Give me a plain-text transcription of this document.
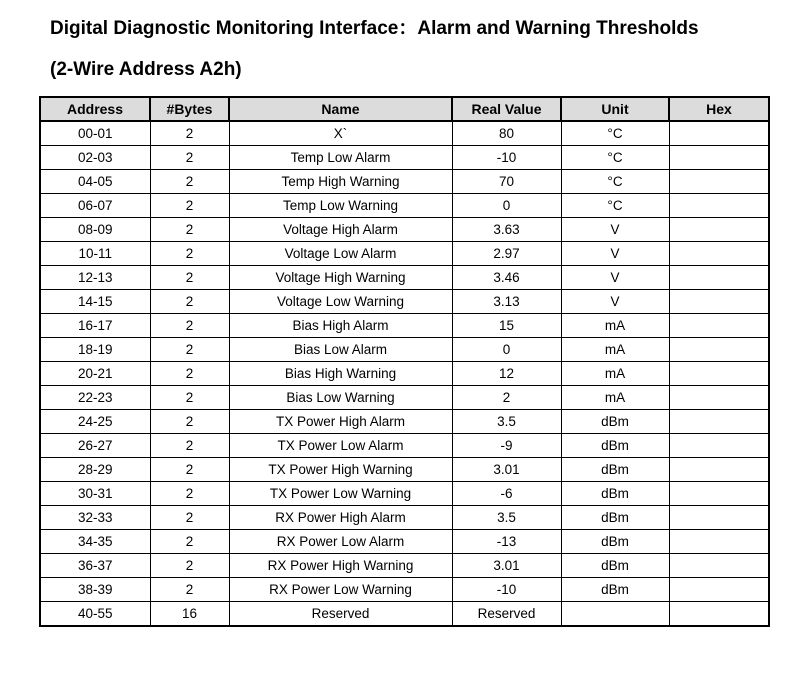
Digital Diagnostic Monitoring Interface：Alarm and Warning Thresholds
(2-Wire Address A2h)
Address	#Bytes	Name	Real Value	Unit	Hex
00-01	2	X`	80	°C	
02-03	2	Temp Low Alarm	-10	°C	
04-05	2	Temp High Warning	70	°C	
06-07	2	Temp Low Warning	0	°C	
08-09	2	Voltage High Alarm	3.63	V	
10-11	2	Voltage Low Alarm	2.97	V	
12-13	2	Voltage High Warning	3.46	V	
14-15	2	Voltage Low Warning	3.13	V	
16-17	2	Bias High Alarm	15	mA	
18-19	2	Bias Low Alarm	0	mA	
20-21	2	Bias High Warning	12	mA	
22-23	2	Bias Low Warning	2	mA	
24-25	2	TX Power High Alarm	3.5	dBm	
26-27	2	TX Power Low Alarm	-9	dBm	
28-29	2	TX Power High Warning	3.01	dBm	
30-31	2	TX Power Low Warning	-6	dBm	
32-33	2	RX Power High Alarm	3.5	dBm	
34-35	2	RX Power Low Alarm	-13	dBm	
36-37	2	RX Power High Warning	3.01	dBm	
38-39	2	RX Power Low Warning	-10	dBm	
40-55	16	Reserved	Reserved		
